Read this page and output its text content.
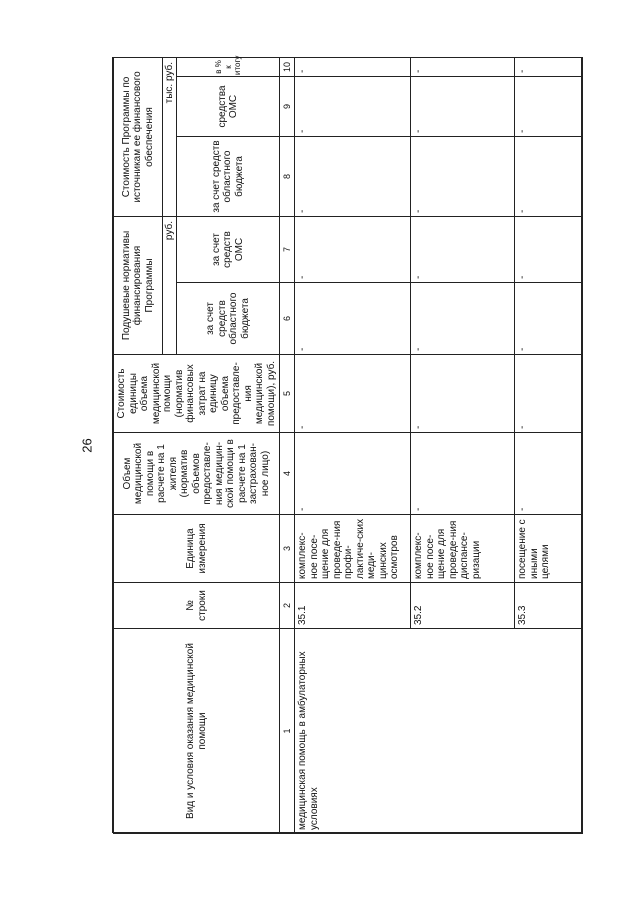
26
Вид и условия оказания медицинской помощи	№ строки	Единица измерения	Объем медицинской помощи в расчете на 1 жителя (норматив объемов предоставле-ния медицин-ской помощи в расчете на 1 застрахован-ное лицо)	Стоимость единицы объема медицинской помощи (норматив финансовых затрат на единицу объема предоставле-ния медицинской помощи), руб.	Подушевые нормативы финансирования Программы		Стоимость Программы по источникам ее финансового обеспечения		
					руб.		тыс. руб.		
					за счет средств областного бюджета	за счет средств ОМС	за счет средств областного бюджета	средства ОМС	в % к итогу
1	2	3	4	5	6	7	8	9	10
медицинская помощь в амбулаторных условиях	35.1	комплекс-ное посе-щение для проведе-ния профи-лактиче-ских меди-цинских осмотров	-	-	-	-	-	-	-
	35.2	комплекс-ное посе-щение для проведе-ния диспансе-ризации	-	-	-	-	-	-	-
	35.3	посещение с иными целями	-	-	-	-	-	-	-
